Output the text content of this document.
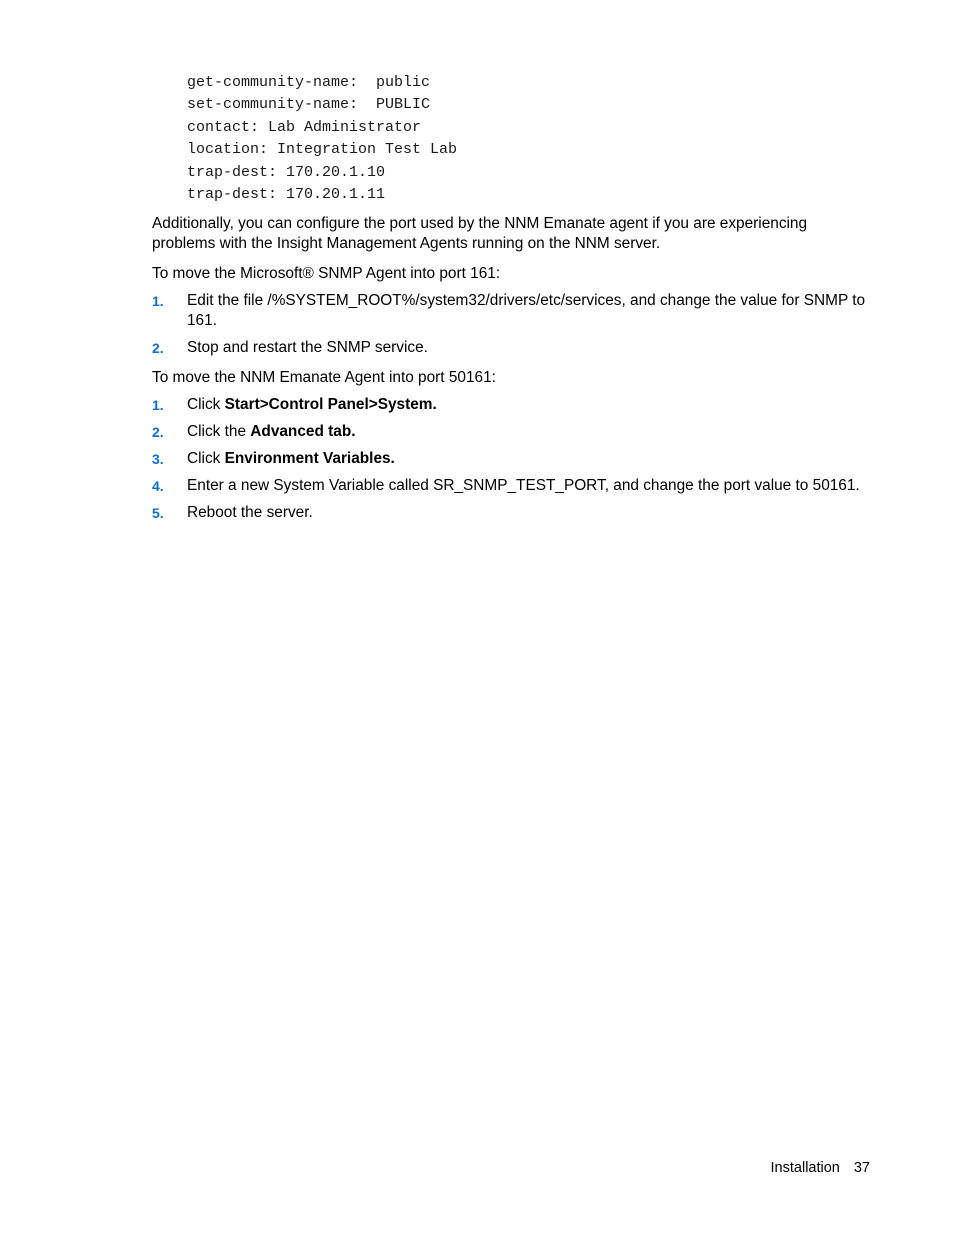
get-community-name:  public
set-community-name:  PUBLIC
contact: Lab Administrator
location: Integration Test Lab
trap-dest: 170.20.1.10
trap-dest: 170.20.1.11

Additionally, you can configure the port used by the NNM Emanate agent if you are experiencing problems with the Insight Management Agents running on the NNM server.

To move the Microsoft® SNMP Agent into port 161:

1. Edit the file /%SYSTEM_ROOT%/system32/drivers/etc/services, and change the value for SNMP to 161.
2. Stop and restart the SNMP service.

To move the NNM Emanate Agent into port 50161:

1. Click Start>Control Panel>System.
2. Click the Advanced tab.
3. Click Environment Variables.
4. Enter a new System Variable called SR_SNMP_TEST_PORT, and change the port value to 50161.
5. Reboot the server.
Installation 37
